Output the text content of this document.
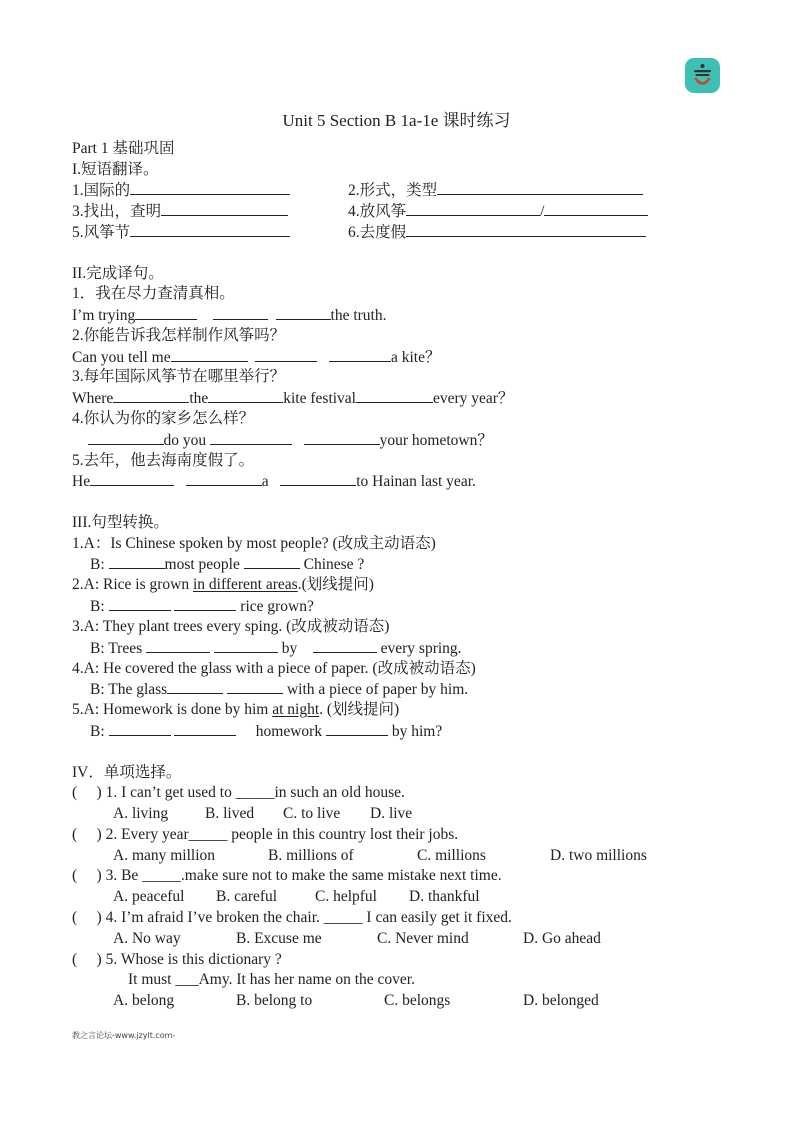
Unit 5 Section B 1a-1e 课时练习
Part 1 基础巩固
I.短语翻译。
1.国际的	2.形式，类型
3.找出，查明	4.放风筝	/
5.风筝节	6.去度假
II.完成译句。
1．我在尽力查清真相。
I’m trying	the truth.
2.你能告诉我怎样制作风筝吗？
Can you tell me	a kite？
3.每年国际风筝节在哪里举行？
Where	the	kite festival	every year？
4.你认为你的家乡怎么样？
do you	your hometown？
5.去年，他去海南度假了。
He	a	to Hainan last year.
III.句型转换。
1.A：Is Chinese spoken by most people? (改成主动语态)
B:	most people	Chinese ?
2.A: Rice is grown in different areas.(划线提问)
B:	rice grown?
3.A: They plant trees every sping. (改成被动语态)
B: Trees	by	every spring.
4.A: He covered the glass with a piece of paper. (改成被动语态)
B: The glass	with a piece of paper by him.
5.A: Homework is done by him at night. (划线提问)
B:	homework	by him?
IV．单项选择。
( ) 1. I can’t get used to _____in such an old house.
A. living B. lived C. to live D. live
( ) 2. Every year_____ people in this country lost their jobs.
A. many million	B. millions of	C. millions	D. two millions
( ) 3. Be _____.make sure not to make the same mistake next time.
A. peaceful B. careful C. helpful D. thankful
( ) 4. I’m afraid I’ve broken the chair. _____ I can easily get it fixed.
A. No way	B. Excuse me	C. Never mind	D. Go ahead
( ) 5. Whose is this dictionary ?
It must ___Amy. It has her name on the cover.
A. belong	B. belong to	C. belongs	D. belonged
教之言论坛-www.jzylt.com-
